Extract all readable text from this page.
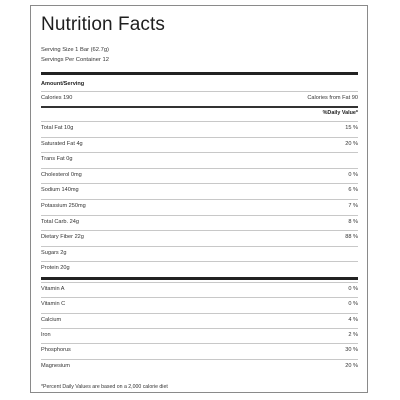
Nutrition Facts
Serving Size 1 Bar (62.7g)
Servings Per Container 12
Amount/Serving
Calories 190	Calories from Fat 90
%Daily Value*
Total Fat 10g	15 %
Saturated Fat 4g	20 %
Trans Fat 0g
Cholesterol 0mg	0 %
Sodium 140mg	6 %
Potassium 250mg	7 %
Total Carb. 24g	8 %
Dietary Fiber 22g	88 %
Sugars 2g
Protein 20g
Vitamin A	0 %
Vitamin C	0 %
Calcium	4 %
Iron	2 %
Phosphorus	30 %
Magnesium	20 %
*Percent Daily Values are based on a 2,000 calorie diet
